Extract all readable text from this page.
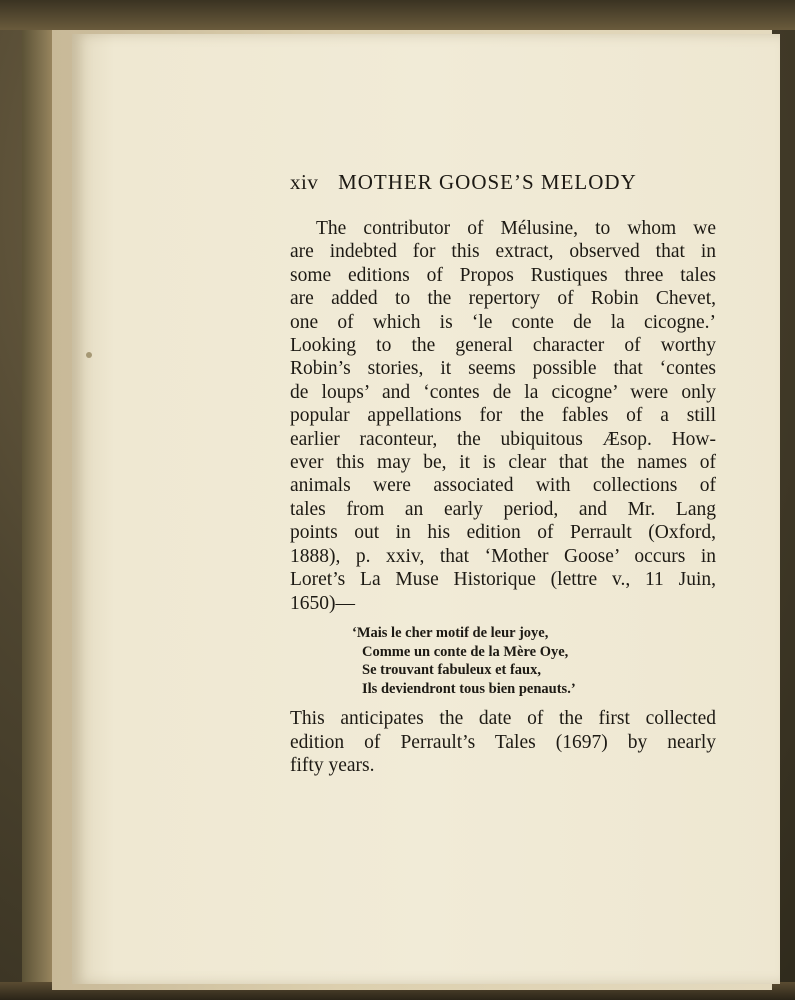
xiv MOTHER GOOSE’S MELODY
The contributor of Mélusine, to whom we
are indebted for this extract, observed that in
some editions of Propos Rustiques three tales
are added to the repertory of Robin Chevet,
one of which is ‘le conte de la cicogne.’
Looking to the general character of worthy
Robin’s stories, it seems possible that ‘contes
de loups’ and ‘contes de la cicogne’ were only
popular appellations for the fables of a still
earlier raconteur, the ubiquitous Æsop. How-
ever this may be, it is clear that the names of
animals were associated with collections of
tales from an early period, and Mr. Lang
points out in his edition of Perrault (Oxford,
1888), p. xxiv, that ‘Mother Goose’ occurs in
Loret’s La Muse Historique (lettre v., 11 Juin,
1650)—
‘Mais le cher motif de leur joye,
Comme un conte de la Mère Oye,
Se trouvant fabuleux et faux,
Ils deviendront tous bien penauts.’
This anticipates the date of the first collected
edition of Perrault’s Tales (1697) by nearly
fifty years.
